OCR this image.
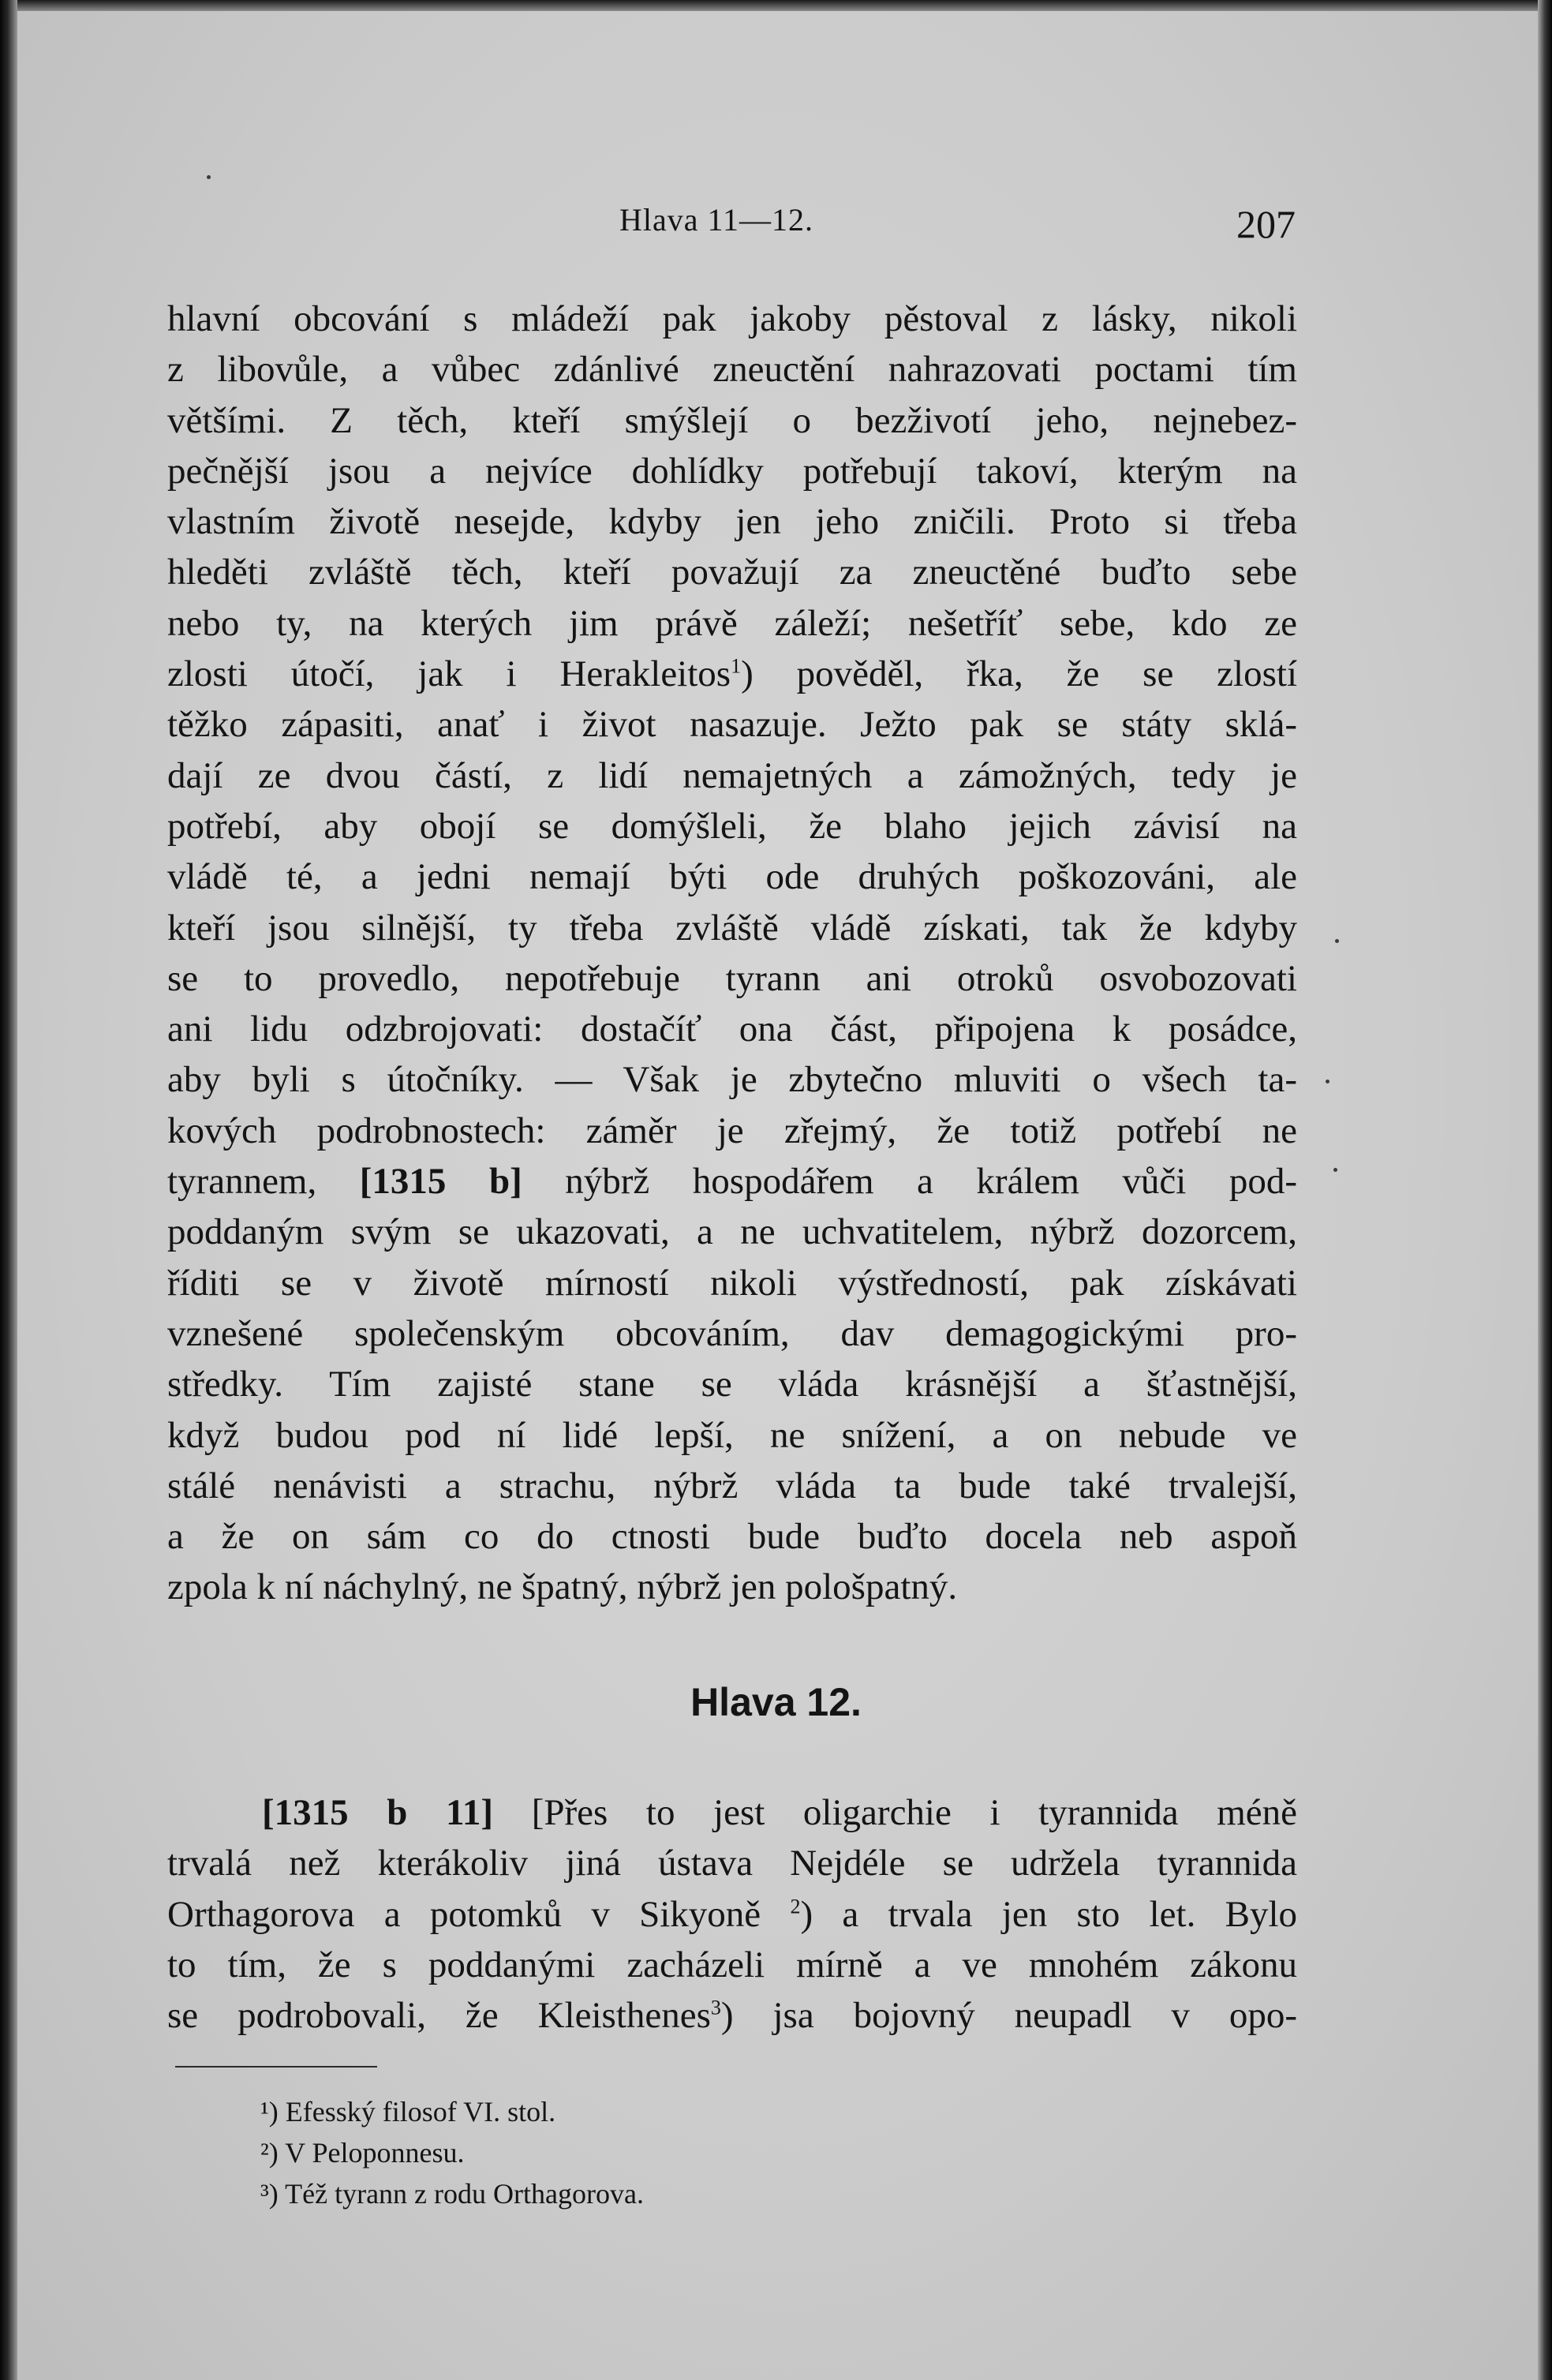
Hlava 11—12.	207
hlavní obcování s mládeží pak jakoby pěstoval z lásky, nikoli
z libovůle, a vůbec zdánlivé zneuctění nahrazovati poctami tím
většími. Z těch, kteří smýšlejí o bezživotí jeho, nejnebez-
pečnější jsou a nejvíce dohlídky potřebují takoví, kterým na
vlastním životě nesejde, kdyby jen jeho zničili. Proto si třeba
hleděti zvláště těch, kteří považují za zneuctěné buďto sebe
nebo ty, na kterých jim právě záleží; nešetříť sebe, kdo ze
zlosti útočí, jak i Herakleitos$^1$) pověděl, řka, že se zlostí
těžko zápasiti, anať i život nasazuje. Ježto pak se státy sklá-
dají ze dvou částí, z lidí nemajetných a zámožných, tedy je
potřebí, aby obojí se domýšleli, že blaho jejich závisí na
vládě té, a jedni nemají býti ode druhých poškozováni, ale
kteří jsou silnější, ty třeba zvláště vládě získati, tak že kdyby
se to provedlo, nepotřebuje tyrann ani otroků osvobozovati
ani lidu odzbrojovati: dostačíť ona část, připojena k posádce,
aby byli s útočníky. — Však je zbytečno mluviti o všech ta-
kových podrobnostech: záměr je zřejmý, že totiž potřebí ne
tyrannem, [1315 b] nýbrž hospodářem a králem vůči pod-
poddaným svým se ukazovati, a ne uchvatitelem, nýbrž dozorcem,
říditi se v životě mírností nikoli výstředností, pak získávati
vznešené společenským obcováním, dav demagogickými pro-
středky. Tím zajisté stane se vláda krásnější a šťastnější,
když budou pod ní lidé lepší, ne snížení, a on nebude ve
stálé nenávisti a strachu, nýbrž vláda ta bude také trvalejší,
a že on sám co do ctnosti bude buďto docela neb aspoň
zpola k ní náchylný, ne špatný, nýbrž jen pološpatný.
Hlava 12.
[1315 b 11] [Přes to jest oligarchie i tyrannida méně
trvalá než kterákoliv jiná ústava Nejdéle se udržela tyrannida
Orthagorova a potomků v Sikyoně $^2$) a trvala jen sto let. Bylo
to tím, že s poddanými zacházeli mírně a ve mnohém zákonu
se podrobovali, že Kleisthenes$^3$) jsa bojovný neupadl v opo-
¹) Efesský filosof VI. stol.
²) V Peloponnesu.
³) Též tyrann z rodu Orthagorova.
